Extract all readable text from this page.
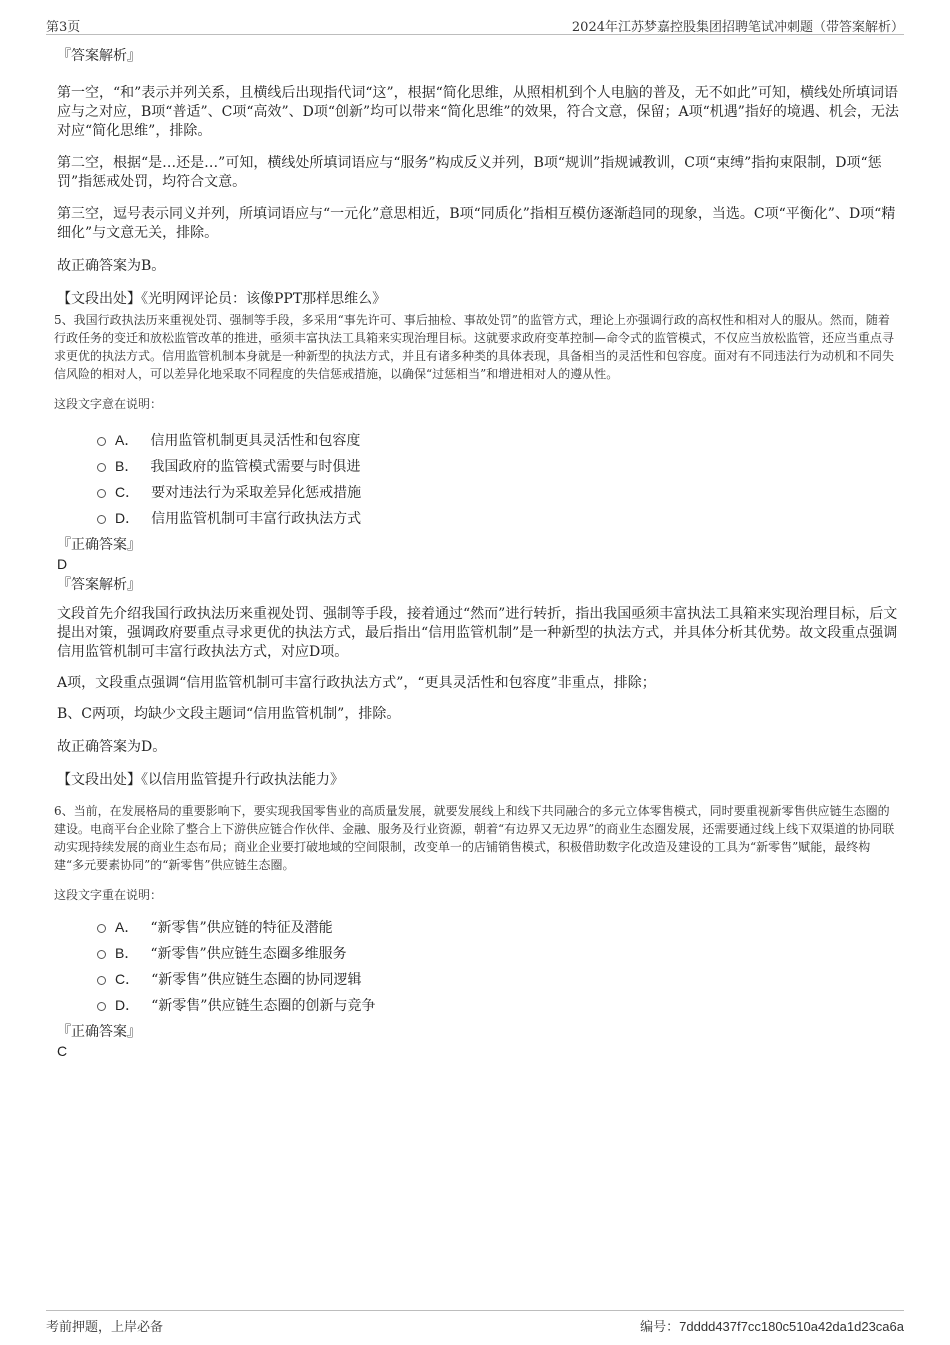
第3页	2024年江苏梦嘉控股集团招聘笔试冲刺题（带答案解析）

『答案解析』

第一空，“和”表示并列关系，且横线后出现指代词“这”，根据“简化思维，从照相机到个人电脑的普及，无不如此”可知，横线处所填词语应与之对应，B项“普适”、C项“高效”、D项“创新”均可以带来“简化思维”的效果，符合文意，保留；A项“机遇”指好的境遇、机会，无法对应“简化思维”，排除。

第二空，根据“是…还是…”可知，横线处所填词语应与“服务”构成反义并列，B项“规训”指规诫教训，C项“束缚”指拘束限制，D项“惩罚”指惩戒处罚，均符合文意。

第三空，逗号表示同义并列，所填词语应与“一元化”意思相近，B项“同质化”指相互模仿逐渐趋同的现象，当选。C项“平衡化”、D项“精细化”与文意无关，排除。

故正确答案为B。

【文段出处】《光明网评论员：该像PPT那样思维么》

5、我国行政执法历来重视处罚、强制等手段，多采用“事先许可、事后抽检、事故处罚”的监管方式，理论上亦强调行政的高权性和相对人的服从。然而，随着行政任务的变迁和放松监管改革的推进，亟须丰富执法工具箱来实现治理目标。这就要求政府变革控制—命令式的监管模式，不仅应当放松监管，还应当重点寻求更优的执法方式。信用监管机制本身就是一种新型的执法方式，并且有诸多种类的具体表现，具备相当的灵活性和包容度。面对有不同违法行为动机和不同失信风险的相对人，可以差异化地采取不同程度的失信惩戒措施，以确保“过惩相当”和增进相对人的遵从性。

这段文字意在说明：

A． 信用监管机制更具灵活性和包容度
B． 我国政府的监管模式需要与时俱进
C． 要对违法行为采取差异化惩戒措施
D． 信用监管机制可丰富行政执法方式

『正确答案』

D

『答案解析』

文段首先介绍我国行政执法历来重视处罚、强制等手段，接着通过“然而”进行转折，指出我国亟须丰富执法工具箱来实现治理目标，后文提出对策，强调政府要重点寻求更优的执法方式，最后指出“信用监管机制”是一种新型的执法方式，并具体分析其优势。故文段重点强调信用监管机制可丰富行政执法方式，对应D项。

A项，文段重点强调“信用监管机制可丰富行政执法方式”，“更具灵活性和包容度”非重点，排除；

B、C两项，均缺少文段主题词“信用监管机制”，排除。

故正确答案为D。

【文段出处】《以信用监管提升行政执法能力》

6、当前，在发展格局的重要影响下，要实现我国零售业的高质量发展，就要发展线上和线下共同融合的多元立体零售模式，同时要重视新零售供应链生态圈的建设。电商平台企业除了整合上下游供应链合作伙伴、金融、服务及行业资源，朝着“有边界又无边界”的商业生态圈发展，还需要通过线上线下双渠道的协同联动实现持续发展的商业生态布局；商业企业要打破地域的空间限制，改变单一的店铺销售模式，积极借助数字化改造及建设的工具为“新零售”赋能，最终构建“多元要素协同”的“新零售”供应链生态圈。

这段文字重在说明：

A． “新零售”供应链的特征及潜能
B． “新零售”供应链生态圈多维服务
C． “新零售”供应链生态圈的协同逻辑
D． “新零售”供应链生态圈的创新与竞争

『正确答案』

C

考前押题，上岸必备	编号：7dddd437f7cc180c510a42da1d23ca6a
